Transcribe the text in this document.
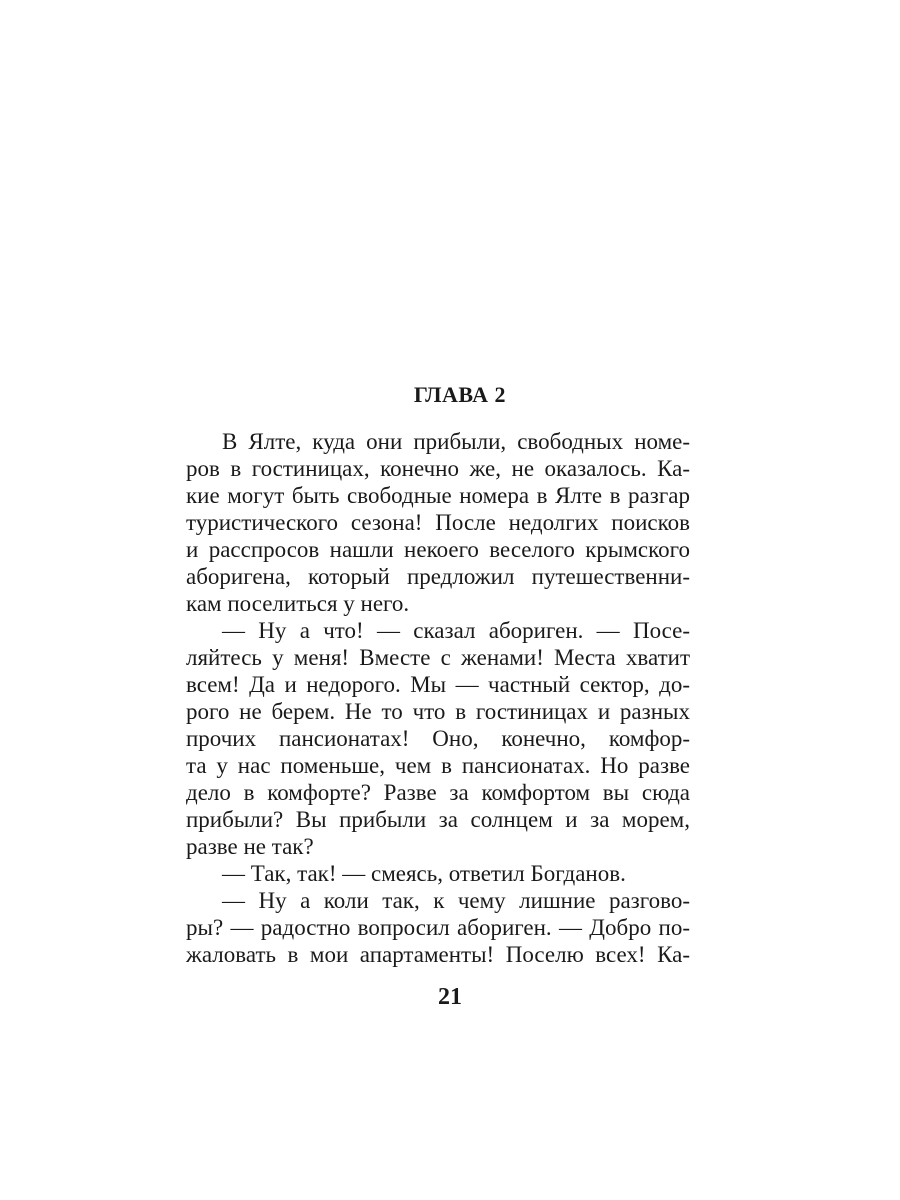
ГЛАВА 2
В Ялте, куда они прибыли, свободных номе-
ров в гостиницах, конечно же, не оказалось. Ка-
кие могут быть свободные номера в Ялте в разгар
туристического сезона! После недолгих поисков
и расспросов нашли некоего веселого крымского
аборигена, который предложил путешественни-
кам поселиться у него.
— Ну а что! — сказал абориген. — Посе-
ляйтесь у меня! Вместе с женами! Места хватит
всем! Да и недорого. Мы — частный сектор, до-
рого не берем. Не то что в гостиницах и разных
прочих пансионатах! Оно, конечно, комфор-
та у нас поменьше, чем в пансионатах. Но разве
дело в комфорте? Разве за комфортом вы сюда
прибыли? Вы прибыли за солнцем и за морем,
разве не так?
— Так, так! — смеясь, ответил Богданов.
— Ну а коли так, к чему лишние разгово-
ры? — радостно вопросил абориген. — Добро по-
жаловать в мои апартаменты! Поселю всех! Ка-
21
